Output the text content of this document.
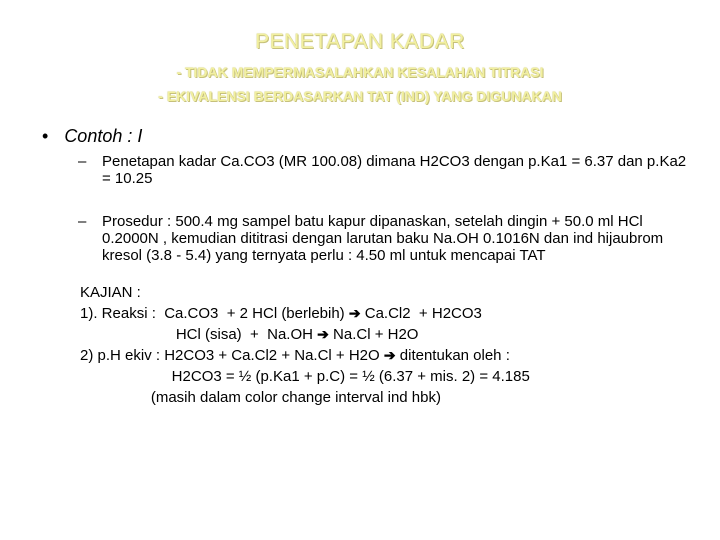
PENETAPAN KADAR
- TIDAK MEMPERMASALAHKAN KESALAHAN TITRASI
- EKIVALENSI BERDASARKAN TAT (IND) YANG DIGUNAKAN
• Contoh : I
–	Penetapan kadar Ca.CO3 (MR 100.08) dimana H2CO3 dengan p.Ka1 = 6.37 dan p.Ka2 = 10.25
–	Prosedur : 500.4 mg sampel batu kapur dipanaskan, setelah dingin + 50.0 ml HCl 0.2000N , kemudian dititrasi dengan larutan baku Na.OH 0.1016N dan ind hijaubrom kresol (3.8 - 5.4) yang ternyata perlu : 4.50 ml untuk mencapai TAT
KAJIAN :
1). Reaksi :  Ca.CO3  + 2 HCl (berlebih) ➔ Ca.Cl2  + H2CO3
HCl (sisa)  +  Na.OH ➔ Na.Cl + H2O
2) p.H ekiv : H2CO3 + Ca.Cl2 + Na.Cl + H2O ➔ ditentukan oleh :
H2CO3 = ½ (p.Ka1 + p.C) = ½ (6.37 + mis. 2) = 4.185
(masih dalam color change interval ind hbk)
